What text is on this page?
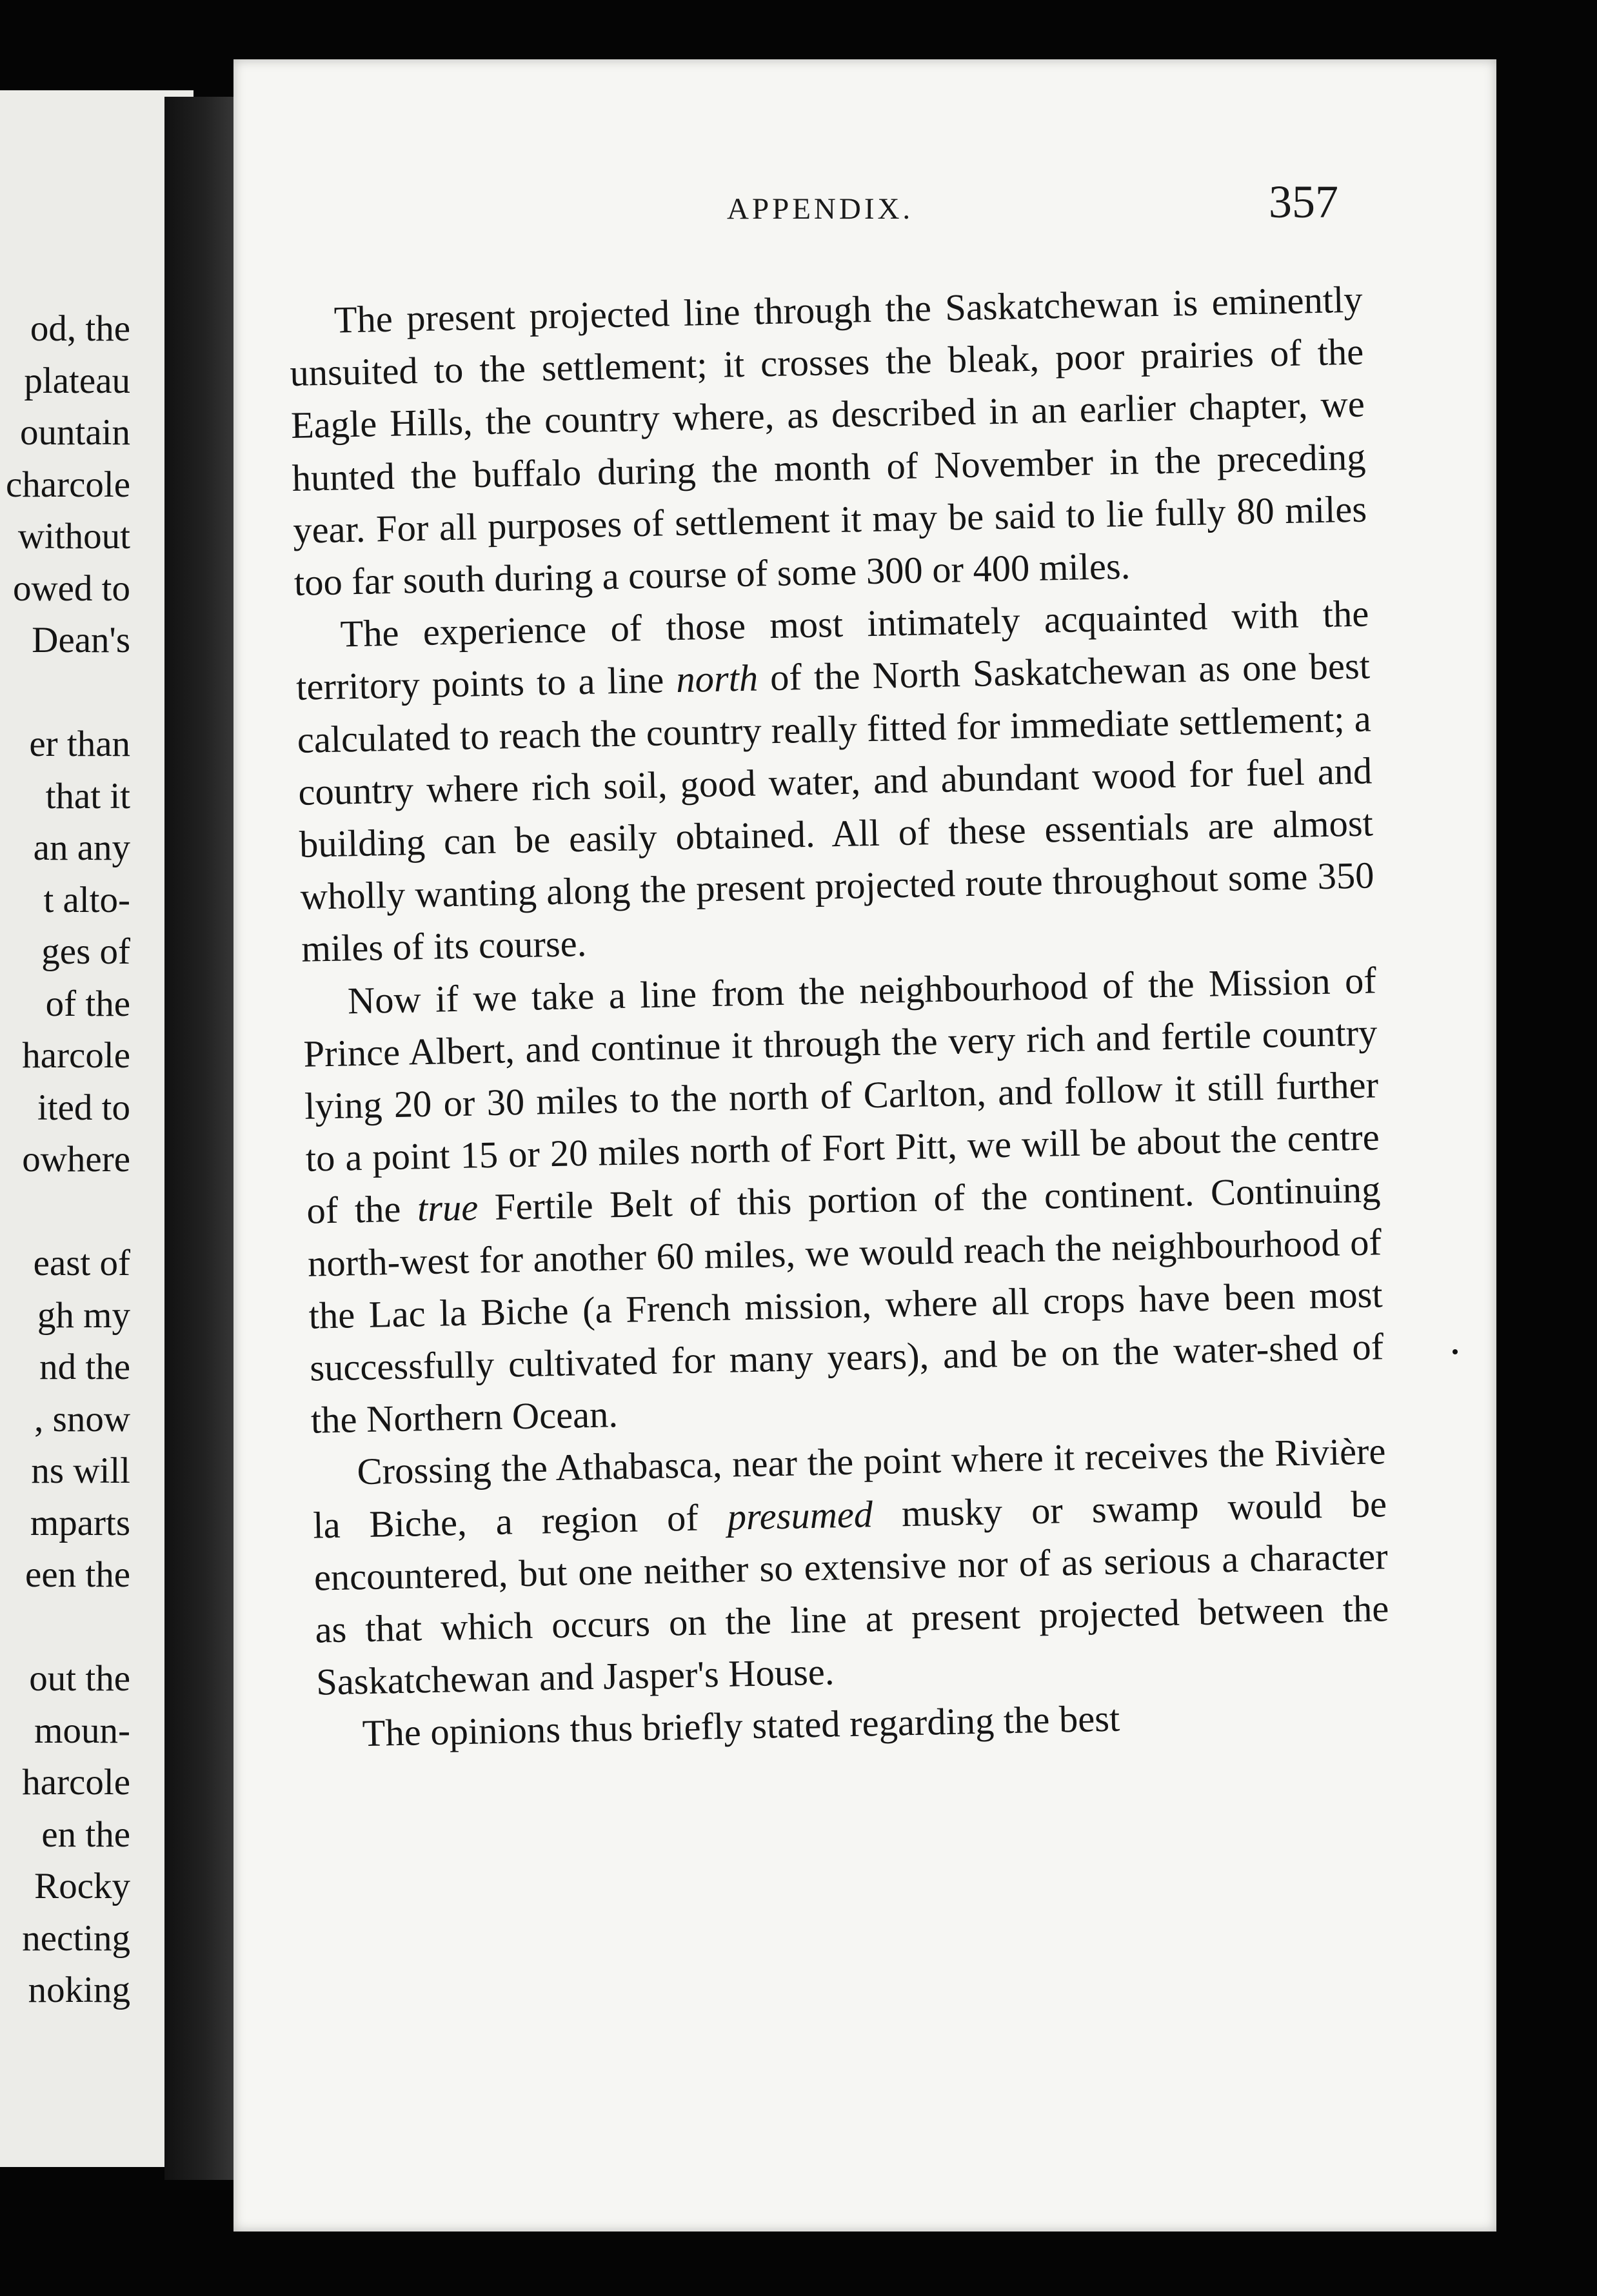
od, the
plateau
ountain
charcole
without
owed to
Dean's
er than
that it
an any
t alto-
ges of
of the
harcole
ited to
owhere
east of
gh my
nd the
, snow
ns will
mparts
een the
out the
moun-
harcole
en the
Rocky
necting
noking
APPENDIX.	357

The present projected line through the Saskatchewan is eminently unsuited to the settlement; it crosses the bleak, poor prairies of the Eagle Hills, the country where, as described in an earlier chapter, we hunted the buffalo during the month of November in the preceding year. For all purposes of settlement it may be said to lie fully 80 miles too far south during a course of some 300 or 400 miles.

The experience of those most intimately acquainted with the territory points to a line north of the North Saskatchewan as one best calculated to reach the country really fitted for immediate settlement; a country where rich soil, good water, and abundant wood for fuel and building can be easily obtained. All of these essentials are almost wholly wanting along the present projected route throughout some 350 miles of its course.

Now if we take a line from the neighbourhood of the Mission of Prince Albert, and continue it through the very rich and fertile country lying 20 or 30 miles to the north of Carlton, and follow it still further to a point 15 or 20 miles north of Fort Pitt, we will be about the centre of the true Fertile Belt of this portion of the continent. Continuing north-west for another 60 miles, we would reach the neighbourhood of the Lac la Biche (a French mission, where all crops have been most successfully cultivated for many years), and be on the water-shed of the Northern Ocean.

Crossing the Athabasca, near the point where it receives the Rivière la Biche, a region of presumed musky or swamp would be encountered, but one neither so extensive nor of as serious a character as that which occurs on the line at present projected between the Saskatchewan and Jasper's House.

The opinions thus briefly stated regarding the best
